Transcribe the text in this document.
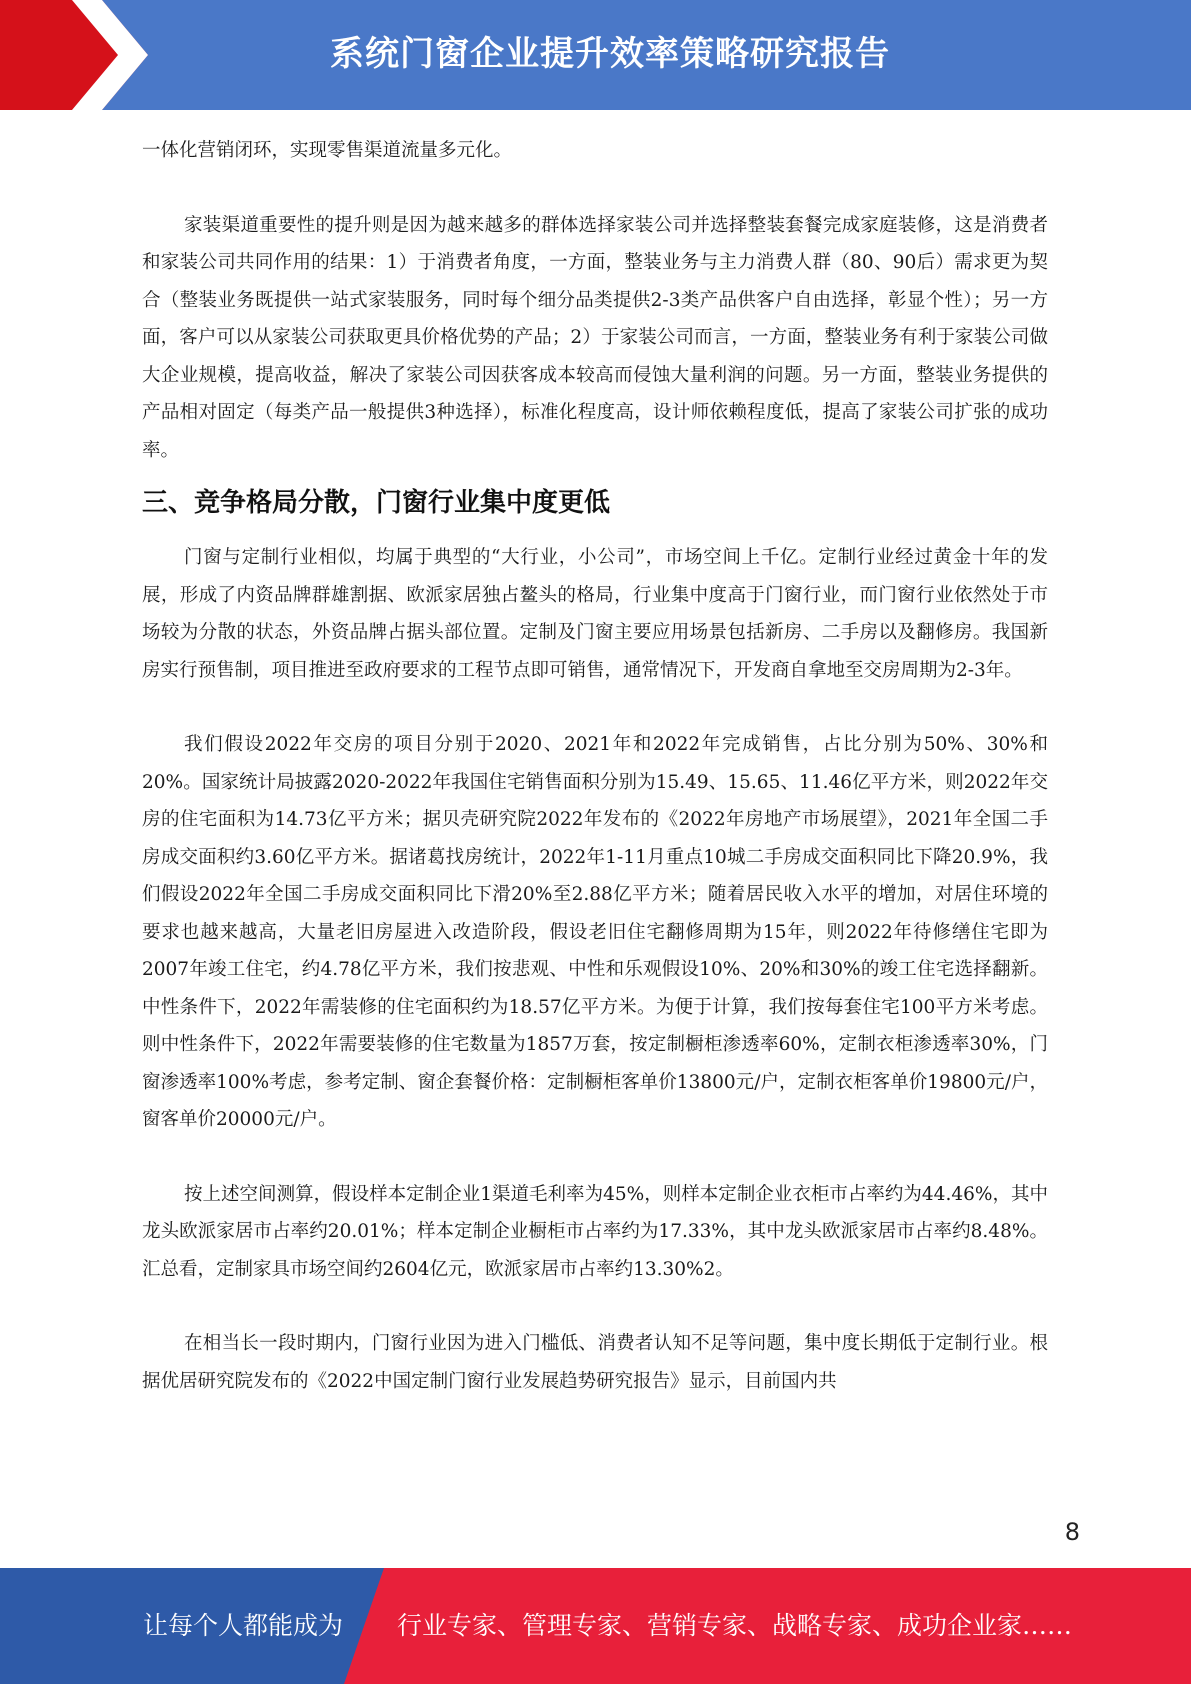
系统门窗企业提升效率策略研究报告

一体化营销闭环，实现零售渠道流量多元化。

家装渠道重要性的提升则是因为越来越多的群体选择家装公司并选择整装套餐完成家庭装修，这是消费者和家装公司共同作用的结果：1）于消费者角度，一方面，整装业务与主力消费人群（80、90后）需求更为契合（整装业务既提供一站式家装服务，同时每个细分品类提供2-3类产品供客户自由选择，彰显个性）；另一方面，客户可以从家装公司获取更具价格优势的产品；2）于家装公司而言，一方面，整装业务有利于家装公司做大企业规模，提高收益，解决了家装公司因获客成本较高而侵蚀大量利润的问题。另一方面，整装业务提供的产品相对固定（每类产品一般提供3种选择），标准化程度高，设计师依赖程度低，提高了家装公司扩张的成功率。

三、竞争格局分散，门窗行业集中度更低

门窗与定制行业相似，均属于典型的“大行业，小公司”，市场空间上千亿。定制行业经过黄金十年的发展，形成了内资品牌群雄割据、欧派家居独占鳌头的格局，行业集中度高于门窗行业，而门窗行业依然处于市场较为分散的状态，外资品牌占据头部位置。定制及门窗主要应用场景包括新房、二手房以及翻修房。我国新房实行预售制，项目推进至政府要求的工程节点即可销售，通常情况下，开发商自拿地至交房周期为2-3年。

我们假设2022年交房的项目分别于2020、2021年和2022年完成销售，占比分别为50%、30%和20%。国家统计局披露2020-2022年我国住宅销售面积分别为15.49、15.65、11.46亿平方米，则2022年交房的住宅面积为14.73亿平方米；据贝壳研究院2022年发布的《2022年房地产市场展望》，2021年全国二手房成交面积约3.60亿平方米。据诸葛找房统计，2022年1-11月重点10城二手房成交面积同比下降20.9%，我们假设2022年全国二手房成交面积同比下滑20%至2.88亿平方米；随着居民收入水平的增加，对居住环境的要求也越来越高，大量老旧房屋进入改造阶段，假设老旧住宅翻修周期为15年，则2022年待修缮住宅即为2007年竣工住宅，约4.78亿平方米，我们按悲观、中性和乐观假设10%、20%和30%的竣工住宅选择翻新。中性条件下，2022年需装修的住宅面积约为18.57亿平方米。为便于计算，我们按每套住宅100平方米考虑。则中性条件下，2022年需要装修的住宅数量为1857万套，按定制橱柜渗透率60%，定制衣柜渗透率30%，门窗渗透率100%考虑，参考定制、窗企套餐价格：定制橱柜客单价13800元/户，定制衣柜客单价19800元/户，窗客单价20000元/户。

按上述空间测算，假设样本定制企业1渠道毛利率为45%，则样本定制企业衣柜市占率约为44.46%，其中龙头欧派家居市占率约20.01%；样本定制企业橱柜市占率约为17.33%，其中龙头欧派家居市占率约8.48%。汇总看，定制家具市场空间约2604亿元，欧派家居市占率约13.30%2。

在相当长一段时期内，门窗行业因为进入门槛低、消费者认知不足等问题，集中度长期低于定制行业。根据优居研究院发布的《2022中国定制门窗行业发展趋势研究报告》显示，目前国内共

8
让每个人都能成为 行业专家、管理专家、营销专家、战略专家、成功企业家……
